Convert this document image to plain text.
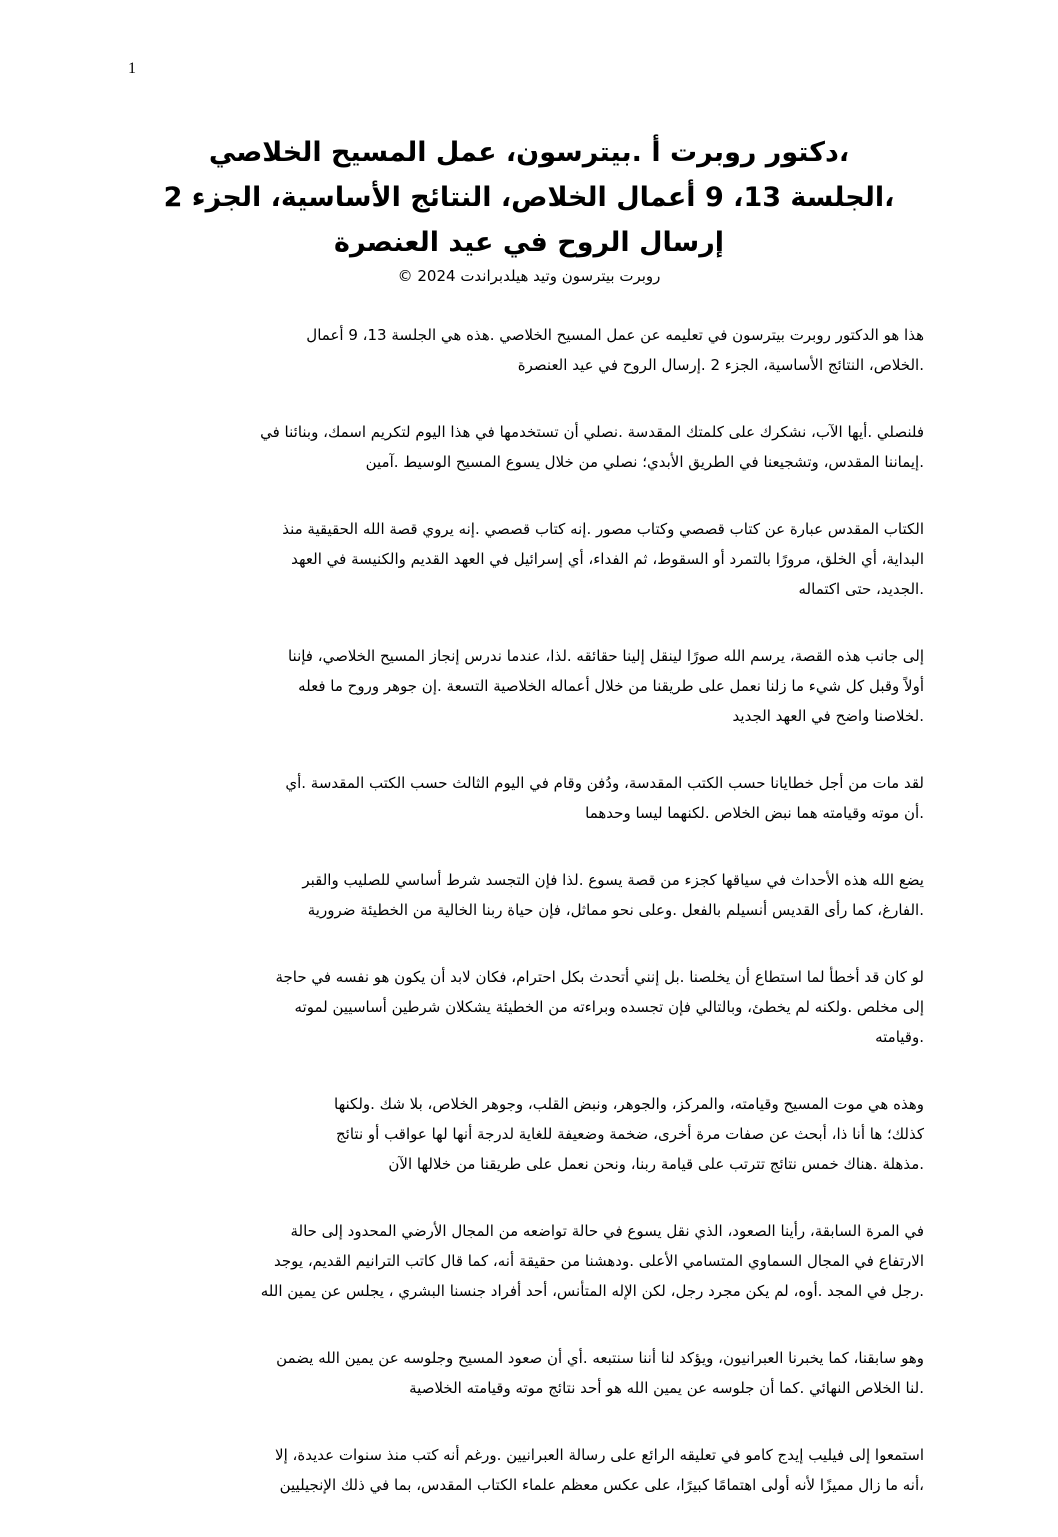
1
،دكتور روبرت أ .بيترسون، عمل المسيح الخلاصي
،الجلسة 13، 9 أعمال الخلاص، النتائج الأساسية، الجزء 2
إرسال الروح في عيد العنصرة
روبرت بيترسون وتيد هيلدبراندت 2024 ©

هذا هو الدكتور روبرت بيترسون في تعليمه عن عمل المسيح الخلاصي .هذه هي الجلسة 13، 9 أعمال
.الخلاص، النتائج الأساسية، الجزء 2 .إرسال الروح في عيد العنصرة

فلنصلي .أيها الآب، نشكرك على كلمتك المقدسة .نصلي أن تستخدمها في هذا اليوم لتكريم اسمك، وبنائنا في
.إيماننا المقدس، وتشجيعنا في الطريق الأبدي؛ نصلي من خلال يسوع المسيح الوسيط .آمين

الكتاب المقدس عبارة عن كتاب قصصي وكتاب مصور .إنه كتاب قصصي .إنه يروي قصة الله الحقيقية منذ
البداية، أي الخلق، مرورًا بالتمرد أو السقوط، ثم الفداء، أي إسرائيل في العهد القديم والكنيسة في العهد
.الجديد، حتى اكتماله

إلى جانب هذه القصة، يرسم الله صورًا لينقل إلينا حقائقه .لذا، عندما ندرس إنجاز المسيح الخلاصي، فإننا
أولاً وقبل كل شيء ما زلنا نعمل على طريقنا من خلال أعماله الخلاصية التسعة .إن جوهر وروح ما فعله
.لخلاصنا واضح في العهد الجديد

لقد مات من أجل خطايانا حسب الكتب المقدسة، ودُفن وقام في اليوم الثالث حسب الكتب المقدسة .أي
.أن موته وقيامته هما نبض الخلاص .لكنهما ليسا وحدهما

يضع الله هذه الأحداث في سياقها كجزء من قصة يسوع .لذا فإن التجسد شرط أساسي للصليب والقبر
.الفارغ، كما رأى القديس أنسيلم بالفعل .وعلى نحو مماثل، فإن حياة ربنا الخالية من الخطيئة ضرورية

لو كان قد أخطأ لما استطاع أن يخلصنا .بل إنني أتحدث بكل احترام، فكان لابد أن يكون هو نفسه في حاجة
إلى مخلص .ولكنه لم يخطئ، وبالتالي فإن تجسده وبراءته من الخطيئة يشكلان شرطين أساسيين لموته
.وقيامته

وهذه هي موت المسيح وقيامته، والمركز، والجوهر، ونبض القلب، وجوهر الخلاص، بلا شك .ولكنها
كذلك؛ ها أنا ذا، أبحث عن صفات مرة أخرى، ضخمة وضعيفة للغاية لدرجة أنها لها عواقب أو نتائج
.مذهلة .هناك خمس نتائج تترتب على قيامة ربنا، ونحن نعمل على طريقنا من خلالها الآن

في المرة السابقة، رأينا الصعود، الذي نقل يسوع في حالة تواضعه من المجال الأرضي المحدود إلى حالة
الارتفاع في المجال السماوي المتسامي الأعلى .ودهشنا من حقيقة أنه، كما قال كاتب الترانيم القديم، يوجد
.رجل في المجد .أوه، لم يكن مجرد رجل، لكن الإله المتأنس، أحد أفراد جنسنا البشري ، يجلس عن يمين الله

وهو سابقنا، كما يخبرنا العبرانيون، ويؤكد لنا أننا سنتبعه .أي أن صعود المسيح وجلوسه عن يمين الله يضمن
.لنا الخلاص النهائي .كما أن جلوسه عن يمين الله هو أحد نتائج موته وقيامته الخلاصية

استمعوا إلى فيليب إيدج كامو في تعليقه الرائع على رسالة العبرانيين .ورغم أنه كتب منذ سنوات عديدة، إلا
،أنه ما زال مميزًا لأنه أولى اهتمامًا كبيرًا، على عكس معظم علماء الكتاب المقدس، بما في ذلك الإنجيليين
